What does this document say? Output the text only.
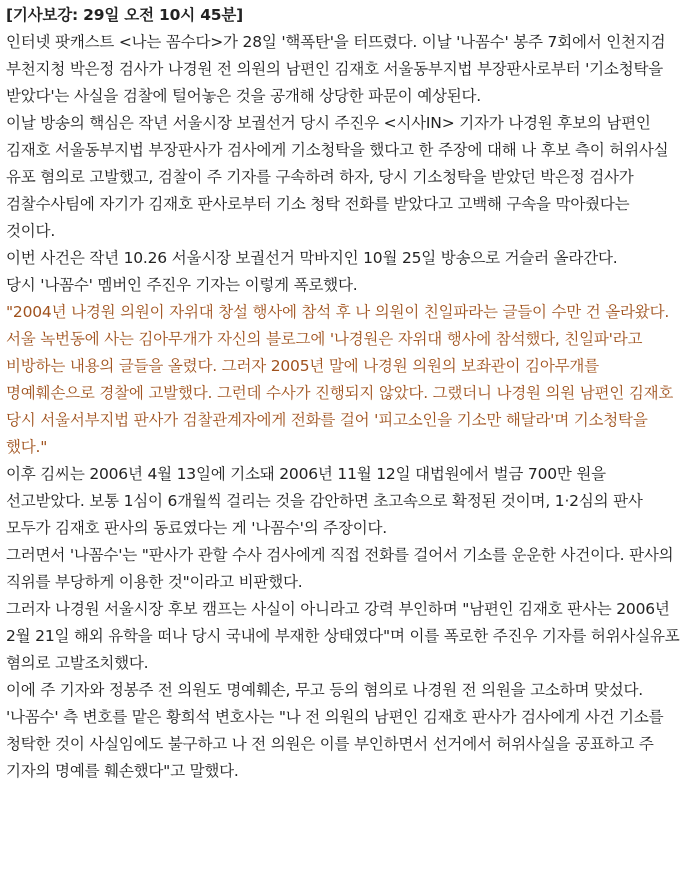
[기사보강: 29일 오전 10시 45분]

인터넷 팟캐스트 <나는 꼼수다>가 28일 '핵폭탄'을 터뜨렸다. 이날 '나꼼수' 봉주 7회에서 인천지검 부천지청 박은정 검사가 나경원 전 의원의 남편인 김재호 서울동부지법 부장판사로부터 '기소청탁을 받았다'는 사실을 검찰에 털어놓은 것을 공개해 상당한 파문이 예상된다.

이날 방송의 핵심은 작년 서울시장 보궐선거 당시 주진우 <시사IN> 기자가 나경원 후보의 남편인 김재호 서울동부지법 부장판사가 검사에게 기소청탁을 했다고 한 주장에 대해 나 후보 측이 허위사실 유포 혐의로 고발했고, 검찰이 주 기자를 구속하려 하자, 당시 기소청탁을 받았던 박은정 검사가 검찰수사팀에 자기가 김재호 판사로부터 기소 청탁 전화를 받았다고 고백해 구속을 막아줬다는 것이다.

이번 사건은 작년 10.26 서울시장 보궐선거 막바지인 10월 25일 방송으로 거슬러 올라간다.

당시 '나꼼수' 멤버인 주진우 기자는 이렇게 폭로했다.

"2004년 나경원 의원이 자위대 창설 행사에 참석 후 나 의원이 친일파라는 글들이 수만 건 올라왔다. 서울 녹번동에 사는 김아무개가 자신의 블로그에 '나경원은 자위대 행사에 참석했다, 친일파'라고 비방하는 내용의 글들을 올렸다. 그러자 2005년 말에 나경원 의원의 보좌관이 김아무개를 명예훼손으로 경찰에 고발했다. 그런데 수사가 진행되지 않았다. 그랬더니 나경원 의원 남편인 김재호 당시 서울서부지법 판사가 검찰관계자에게 전화를 걸어 '피고소인을 기소만 해달라'며 기소청탁을 했다."

이후 김씨는 2006년 4월 13일에 기소돼 2006년 11월 12일 대법원에서 벌금 700만 원을 선고받았다. 보통 1심이 6개월씩 걸리는 것을 감안하면 초고속으로 확정된 것이며, 1·2심의 판사 모두가 김재호 판사의 동료였다는 게 '나꼼수'의 주장이다.

그러면서 '나꼼수'는 "판사가 관할 수사 검사에게 직접 전화를 걸어서 기소를 운운한 사건이다. 판사의 직위를 부당하게 이용한 것"이라고 비판했다.

그러자 나경원 서울시장 후보 캠프는 사실이 아니라고 강력 부인하며 "남편인 김재호 판사는 2006년 2월 21일 해외 유학을 떠나 당시 국내에 부재한 상태였다"며 이를 폭로한 주진우 기자를 허위사실유포 혐의로 고발조치했다.

이에 주 기자와 정봉주 전 의원도 명예훼손, 무고 등의 혐의로 나경원 전 의원을 고소하며 맞섰다. '나꼼수' 측 변호를 맡은 황희석 변호사는 "나 전 의원의 남편인 김재호 판사가 검사에게 사건 기소를 청탁한 것이 사실임에도 불구하고 나 전 의원은 이를 부인하면서 선거에서 허위사실을 공표하고 주 기자의 명예를 훼손했다"고 말했다.
